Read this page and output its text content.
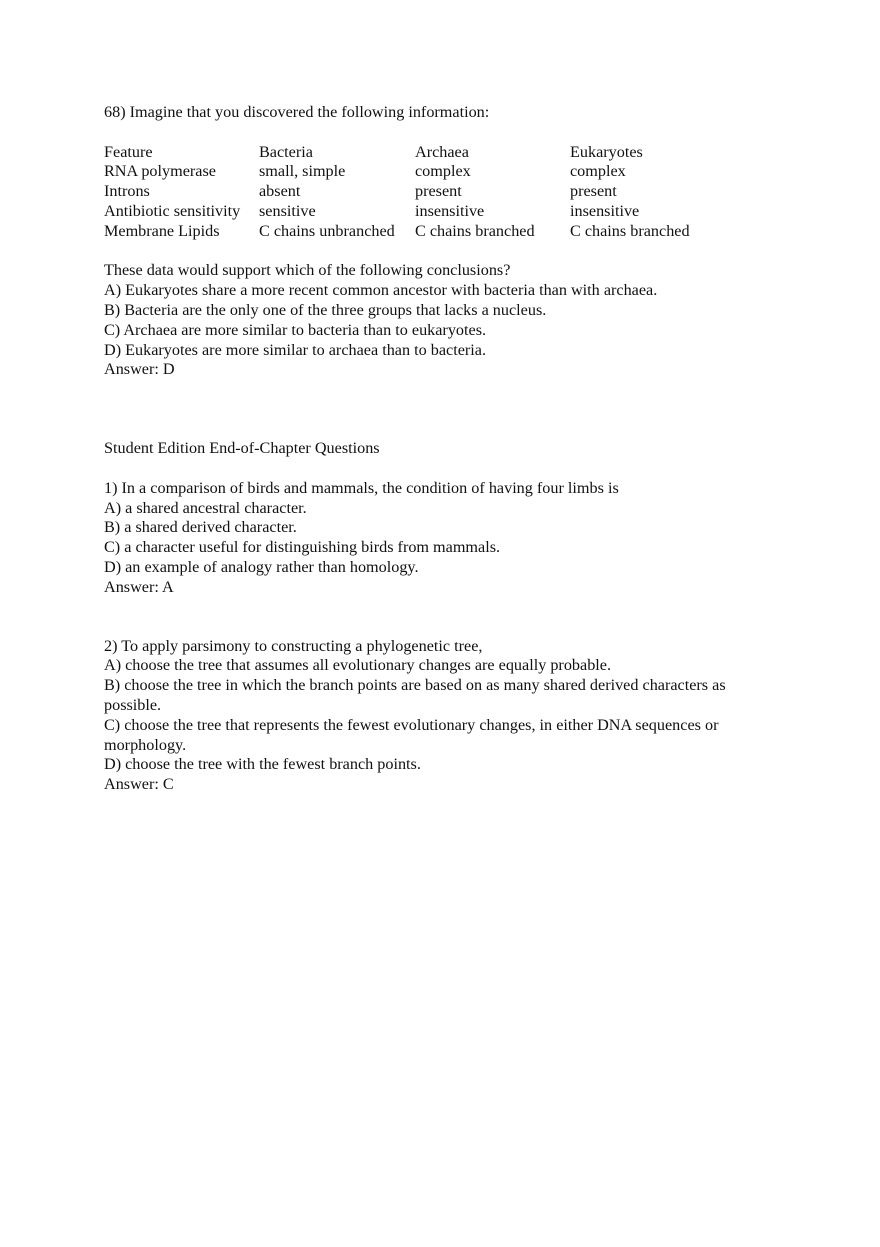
68) Imagine that you discovered the following information:

Feature	Bacteria	Archaea	Eukaryotes
RNA polymerase	small, simple	complex	complex
Introns	absent	present	present
Antibiotic sensitivity	sensitive	insensitive	insensitive
Membrane Lipids	C chains unbranched	C chains branched	C chains branched

These data would support which of the following conclusions?

A) Eukaryotes share a more recent common ancestor with bacteria than with archaea.

B) Bacteria are the only one of the three groups that lacks a nucleus.

C) Archaea are more similar to bacteria than to eukaryotes.

D) Eukaryotes are more similar to archaea than to bacteria.

Answer: D

Student Edition End-of-Chapter Questions

1) In a comparison of birds and mammals, the condition of having four limbs is

A) a shared ancestral character.

B) a shared derived character.

C) a character useful for distinguishing birds from mammals.

D) an example of analogy rather than homology.

Answer: A

2) To apply parsimony to constructing a phylogenetic tree,

A) choose the tree that assumes all evolutionary changes are equally probable.

B) choose the tree in which the branch points are based on as many shared derived characters as possible.

C) choose the tree that represents the fewest evolutionary changes, in either DNA sequences or morphology.

D) choose the tree with the fewest branch points.

Answer: C
